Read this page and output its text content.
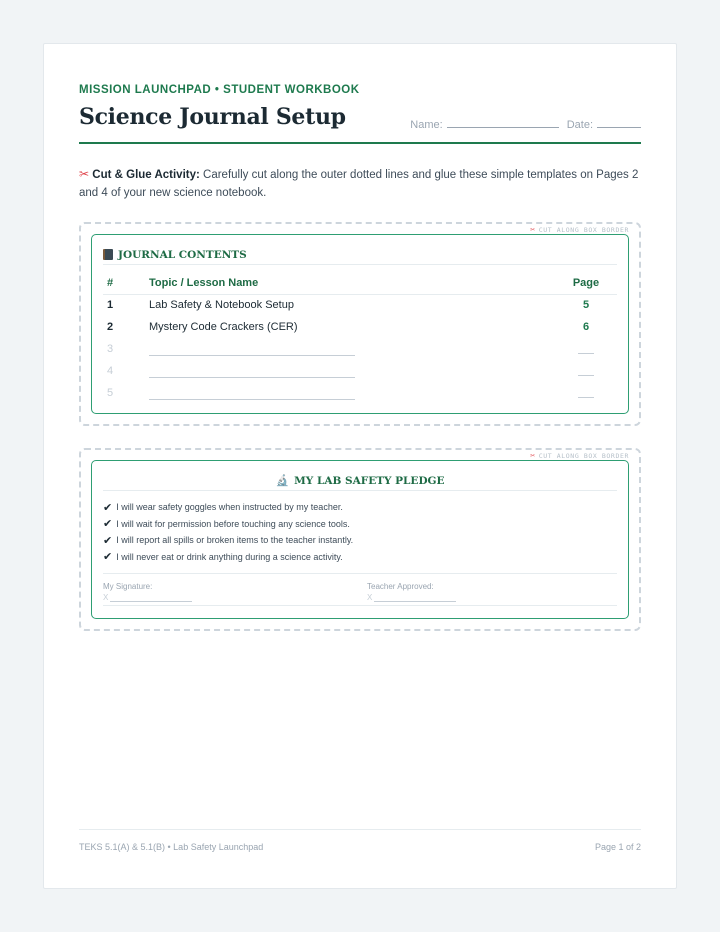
MISSION LAUNCHPAD • STUDENT WORKBOOK
Science Journal Setup	Name:	Date:
✂ Cut & Glue Activity: Carefully cut along the outer dotted lines and glue these simple templates on Pages 2 and 4 of your new science notebook.
✂ CUT ALONG BOX BORDER
JOURNAL CONTENTS
#	Topic / Lesson Name	Page
1	Lab Safety & Notebook Setup	5
2	Mystery Code Crackers (CER)	6
3	

4	

5	

✂ CUT ALONG BOX BORDER
🔬 MY LAB SAFETY PLEDGE
✔ I will wear safety goggles when instructed by my teacher.
✔ I will wait for permission before touching any science tools.
✔ I will report all spills or broken items to the teacher instantly.
✔ I will never eat or drink anything during a science activity.
My Signature:
X
Teacher Approved:
X
TEKS 5.1(A) & 5.1(B) • Lab Safety Launchpad	Page 1 of 2
